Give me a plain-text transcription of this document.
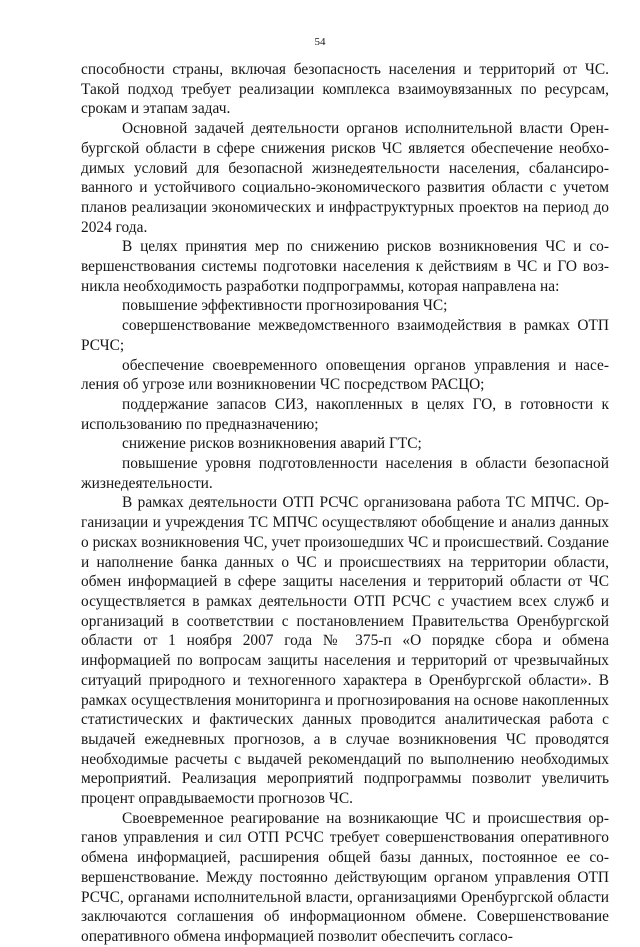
54

способности страны, включая безопасность населения и территорий от ЧС. Такой подход требует реализации комплекса взаимоувязанных по ресурсам, срокам и этапам задач.

Основной задачей деятельности органов исполнительной власти Оренбургской области в сфере снижения рисков ЧС является обеспечение необходимых условий для безопасной жизнедеятельности населения, сбалансированного и устойчивого социально-экономического развития области с учетом планов реализации экономических и инфраструктурных проектов на период до 2024 года.

В целях принятия мер по снижению рисков возникновения ЧС и совершенствования системы подготовки населения к действиям в ЧС и ГО возникла необходимость разработки подпрограммы, которая направлена на:

повышение эффективности прогнозирования ЧС;

совершенствование межведомственного взаимодействия в рамках ОТП РСЧС;

обеспечение своевременного оповещения органов управления и населения об угрозе или возникновении ЧС посредством РАСЦО;

поддержание запасов СИЗ, накопленных в целях ГО, в готовности к использованию по предназначению;

снижение рисков возникновения аварий ГТС;

повышение уровня подготовленности населения в области безопасной жизнедеятельности.

В рамках деятельности ОТП РСЧС организована работа ТС МПЧС. Организации и учреждения ТС МПЧС осуществляют обобщение и анализ данных о рисках возникновения ЧС, учет произошедших ЧС и происшествий. Создание и наполнение банка данных о ЧС и происшествиях на территории области, обмен информацией в сфере защиты населения и территорий области от ЧС осуществляется в рамках деятельности ОТП РСЧС с участием всех служб и организаций в соответствии с постановлением Правительства Оренбургской области от 1 ноября 2007 года № 375-п «О порядке сбора и обмена информацией по вопросам защиты населения и территорий от чрезвычайных ситуаций природного и техногенного характера в Оренбургской области». В рамках осуществления мониторинга и прогнозирования на основе накопленных статистических и фактических данных проводится аналитическая работа с выдачей ежедневных прогнозов, а в случае возникновения ЧС проводятся необходимые расчеты с выдачей рекомендаций по выполнению необходимых мероприятий. Реализация мероприятий подпрограммы позволит увеличить процент оправдываемости прогнозов ЧС.

Своевременное реагирование на возникающие ЧС и происшествия органов управления и сил ОТП РСЧС требует совершенствования оперативного обмена информацией, расширения общей базы данных, постоянное ее совершенствование. Между постоянно действующим органом управления ОТП РСЧС, органами исполнительной власти, организациями Оренбургской области заключаются соглашения об информационном обмене. Совершенствование оперативного обмена информацией позволит обеспечить согласо-
